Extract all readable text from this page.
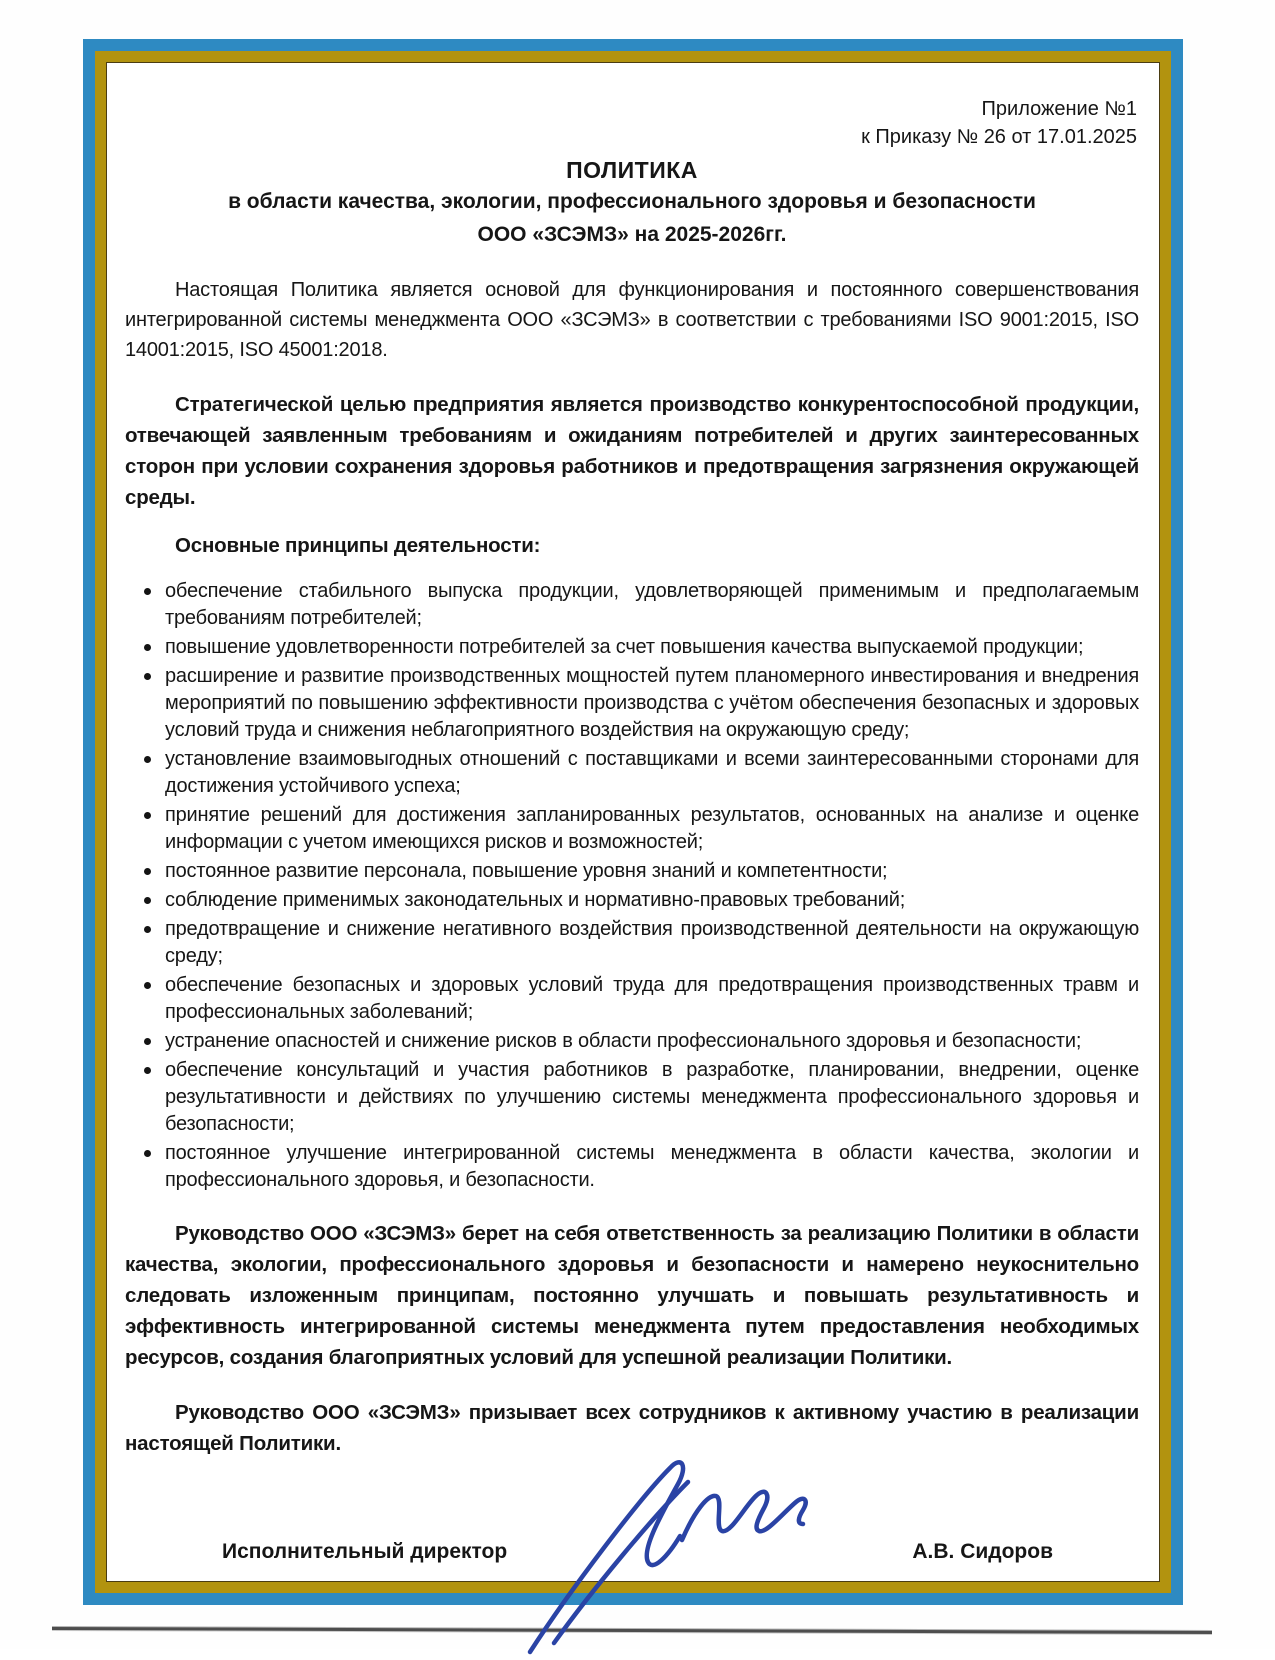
Приложение №1
к Приказу № 26 от 17.01.2025
ПОЛИТИКА
в области качества, экологии, профессионального здоровья и безопасности
ООО «ЗСЭМЗ» на 2025-2026гг.

Настоящая Политика является основой для функционирования и постоянного совершенствования интегрированной системы менеджмента ООО «ЗСЭМЗ» в соответствии с требованиями ISO 9001:2015, ISO 14001:2015, ISO 45001:2018.

Стратегической целью предприятия является производство конкурентоспособной продукции, отвечающей заявленным требованиям и ожиданиям потребителей и других заинтересованных сторон при условии сохранения здоровья работников и предотвращения загрязнения окружающей среды.

Основные принципы деятельности:

обеспечение стабильного выпуска продукции, удовлетворяющей применимым и предполагаемым требованиям потребителей;
повышение удовлетворенности потребителей за счет повышения качества выпускаемой продукции;
расширение и развитие производственных мощностей путем планомерного инвестирования и внедрения мероприятий по повышению эффективности производства с учётом обеспечения безопасных и здоровых условий труда и снижения неблагоприятного воздействия на окружающую среду;
установление взаимовыгодных отношений с поставщиками и всеми заинтересованными сторонами для достижения устойчивого успеха;
принятие решений для достижения запланированных результатов, основанных на анализе и оценке информации с учетом имеющихся рисков и возможностей;
постоянное развитие персонала, повышение уровня знаний и компетентности;
соблюдение применимых законодательных и нормативно-правовых требований;
предотвращение и снижение негативного воздействия производственной деятельности на окружающую среду;
обеспечение безопасных и здоровых условий труда для предотвращения производственных травм и профессиональных заболеваний;
устранение опасностей и снижение рисков в области профессионального здоровья и безопасности;
обеспечение консультаций и участия работников в разработке, планировании, внедрении, оценке результативности и действиях по улучшению системы менеджмента профессионального здоровья и безопасности;
постоянное улучшение интегрированной системы менеджмента в области качества, экологии и профессионального здоровья, и безопасности.

Руководство ООО «ЗСЭМЗ» берет на себя ответственность за реализацию Политики в области качества, экологии, профессионального здоровья и безопасности и намерено неукоснительно следовать изложенным принципам, постоянно улучшать и повышать результативность и эффективность интегрированной системы менеджмента путем предоставления необходимых ресурсов, создания благоприятных условий для успешной реализации Политики.

Руководство ООО «ЗСЭМЗ» призывает всех сотрудников к активному участию в реализации настоящей Политики.

Исполнительный директор	А.В. Сидоров
